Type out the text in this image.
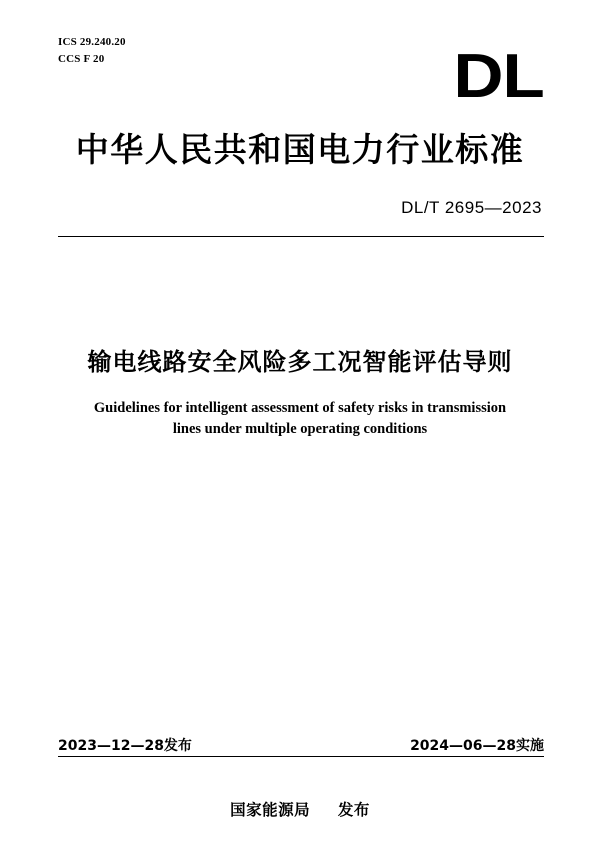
ICS 29.240.20
CCS F 20	DL
中华人民共和国电力行业标准
DL/T 2695—2023
输电线路安全风险多工况智能评估导则
Guidelines for intelligent assessment of safety risks in transmission
lines under multiple operating conditions
2023—12—28发布	2024—06—28实施
国家能源局 发布
